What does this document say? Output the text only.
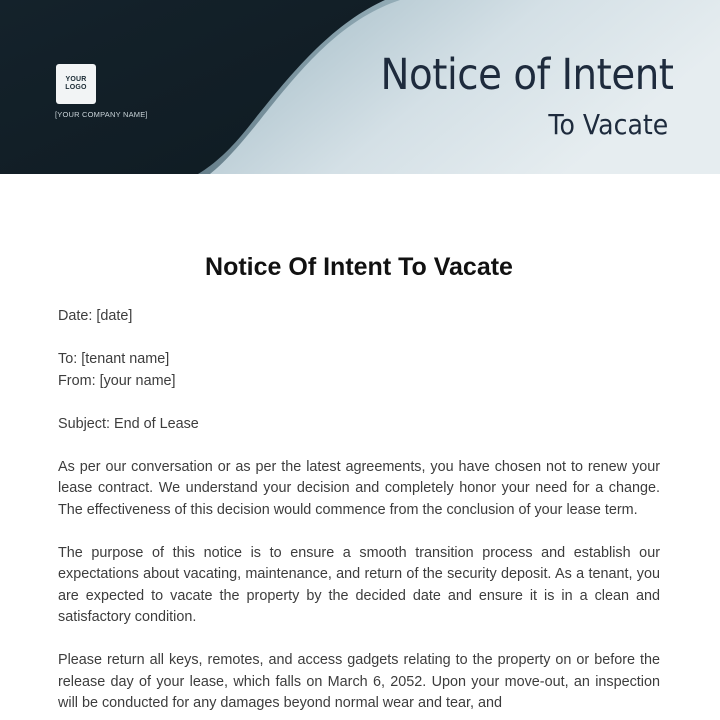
YOUR
LOGO
[YOUR COMPANY NAME]
Notice of Intent
To Vacate
Notice Of Intent To Vacate

Date: [date]

To: [tenant name]

From: [your name]

Subject: End of Lease

As per our conversation or as per the latest agreements, you have chosen not to renew your lease contract. We understand your decision and completely honor your need for a change. The effectiveness of this decision would commence from the conclusion of your lease term.

The purpose of this notice is to ensure a smooth transition process and establish our expectations about vacating, maintenance, and return of the security deposit. As a tenant, you are expected to vacate the property by the decided date and ensure it is in a clean and satisfactory condition.

Please return all keys, remotes, and access gadgets relating to the property on or before the release day of your lease, which falls on March 6, 2052. Upon your move-out, an inspection will be conducted for any damages beyond normal wear and tear, and
